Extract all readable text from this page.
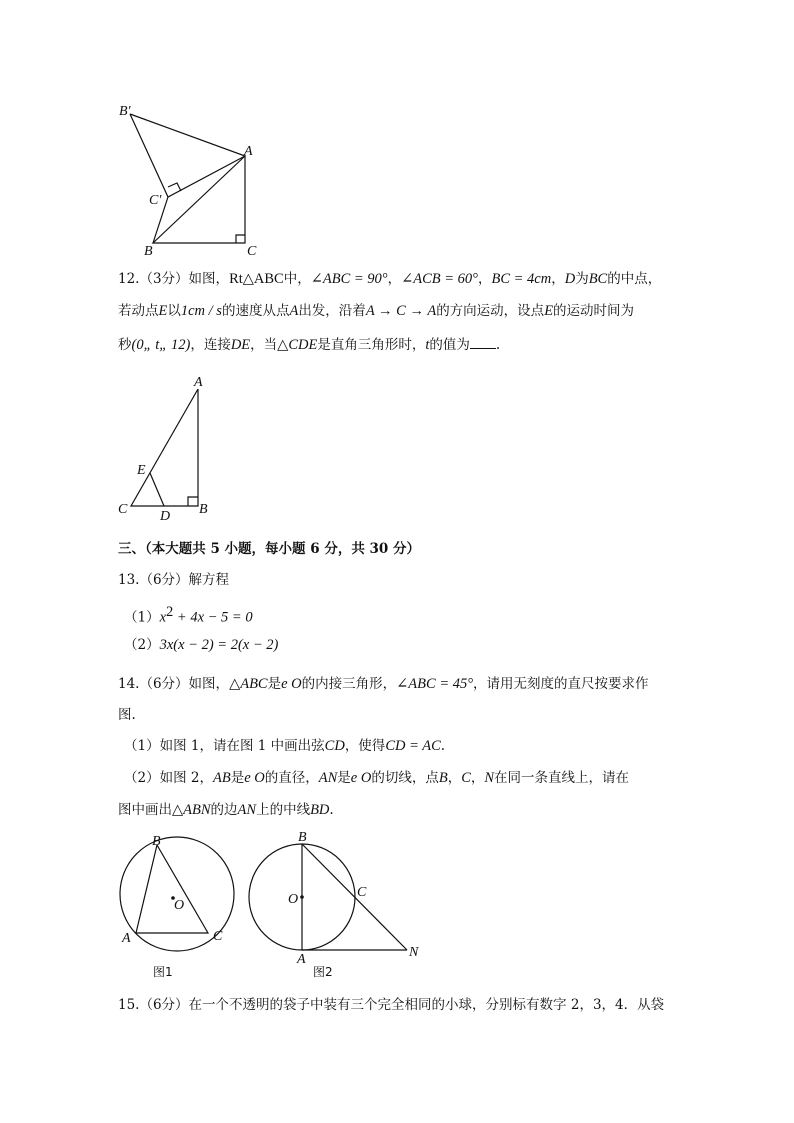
B′
A
C′
B	C
12.（3分）如图，Rt△ABC中，∠ABC = 90°，∠ACB = 60°，BC = 4cm，D为BC的中点，
若动点E以1cm / s的速度从点A出发，沿着A → C → A的方向运动，设点E的运动时间为
秒(0„ t„ 12)，连接DE，当△CDE是直角三角形时，t的值为 .
A
E
C D B
三、（本大题共 5 小题，每小题 6 分，共 30 分）
13.（6分）解方程
$(1)x^2 + 4x - 5 = 0$
（2）3x(x − 2) = 2(x − 2)
14.（6分）如图，△ABC是e O的内接三角形，∠ABC = 45°，请用无刻度的直尺按要求作
图.
（1）如图 1，请在图 1 中画出弦CD，使得CD = AC.
（2）如图 2，AB是e O的直径，AN是e O的切线，点B，C，N在同一条直线上，请在
图中画出△ABN的边AN上的中线BD.
B
O
A	C
图1
B
O	C
A	N
图2
15.（6分）在一个不透明的袋子中装有三个完全相同的小球，分别标有数字 2，3，4．从袋
